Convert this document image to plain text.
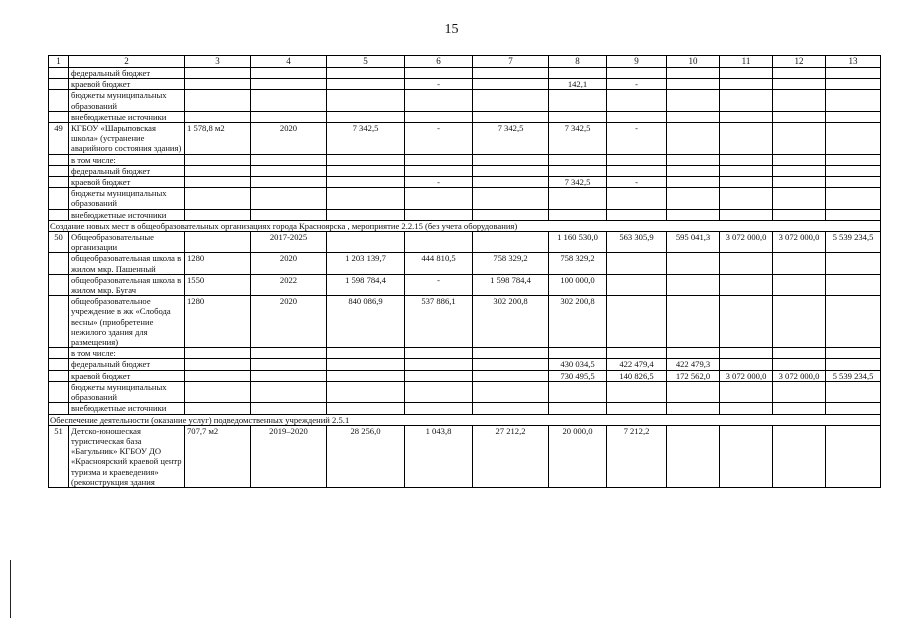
15
1	2	3	4	5	6	7	8	9	10	11	12	13
	федеральный бюджет											
	краевой бюджет				-		142,1	-				
	бюджеты муниципальных образований											
	внебюджетные источники											
49	КГБОУ «Шарыповская школа» (устранение аварийного состояния здания)	1 578,8 м2	2020	7 342,5	-	7 342,5	7 342,5	-				
	в том числе:											
	федеральный бюджет											
	краевой бюджет				-		7 342,5	-				
	бюджеты муниципальных образований											
	внебюджетные источники											
Создание новых мест в общеобразовательных организациях города Красноярска , мероприятие 2.2.15 (без учета оборудования)												
50	Общеобразовательные организации		2017-2025				1 160 530,0	563 305,9	595 041,3	3 072 000,0	3 072 000,0	5 539 234,5
	общеобразовательная школа в жилом мкр. Пашенный	1280	2020	1 203 139,7	444 810,5	758 329,2	758 329,2					
	общеобразовательная школа в жилом мкр. Бугач	1550	2022	1 598 784,4	-	1 598 784,4	100 000,0					
	общеобразовательное учреждение в жк «Слобода весны» (приобретение нежилого здания для размещения)	1280	2020	840 086,9	537 886,1	302 200,8	302 200,8					
	в том числе:											
	федеральный бюджет						430 034,5	422 479,4	422 479,3			
	краевой бюджет						730 495,5	140 826,5	172 562,0	3 072 000,0	3 072 000,0	5 539 234,5
	бюджеты муниципальных образований											
	внебюджетные источники											
Обеспечение деятельности (оказание услуг) подведомственных учреждений 2.5.1												
51	Детско-юношеская туристическая база «Багульник» КГБОУ ДО «Красноярский краевой центр туризма и краеведения» (реконструкция здания	707,7 м2	2019–2020	28 256,0	1 043,8	27 212,2	20 000,0	7 212,2				
